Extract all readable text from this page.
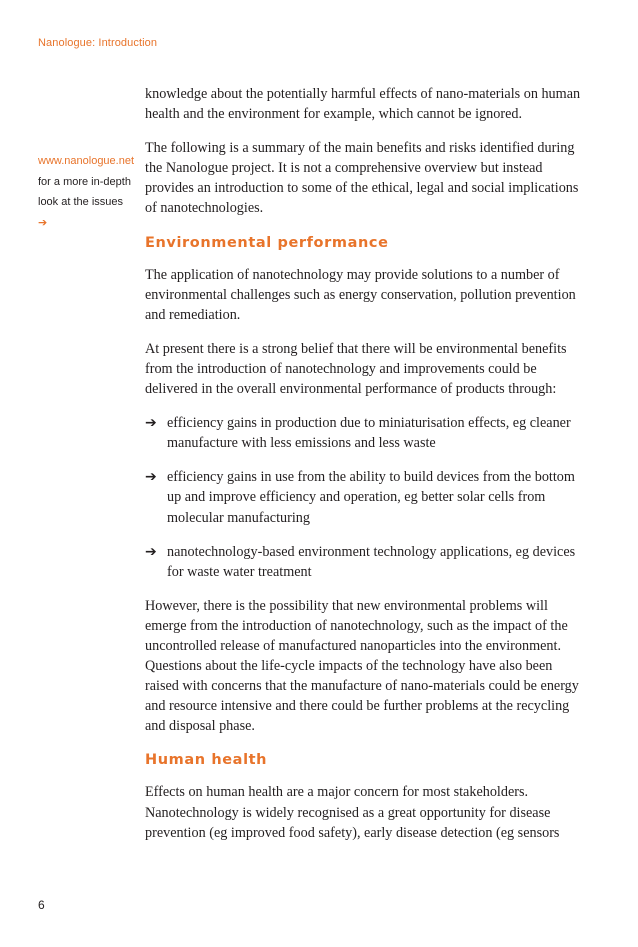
Nanologue: Introduction
www.nanologue.net for a more in-depth look at the issues ➔

knowledge about the potentially harmful effects of nano-materials on human health and the environment for example, which cannot be ignored.

The following is a summary of the main benefits and risks identified during the Nanologue project. It is not a comprehensive overview but instead provides an introduction to some of the ethical, legal and social implications of nanotechnologies.

Environmental performance

The application of nanotechnology may provide solutions to a number of environmental challenges such as energy conservation, pollution prevention and remediation.

At present there is a strong belief that there will be environmental benefits from the introduction of nanotechnology and improvements could be delivered in the overall environmental performance of products through:

➔ efficiency gains in production due to miniaturisation effects, eg cleaner manufacture with less emissions and less waste
➔ efficiency gains in use from the ability to build devices from the bottom up and improve efficiency and operation, eg better solar cells from molecular manufacturing
➔ nanotechnology-based environment technology applications, eg devices for waste water treatment

However, there is the possibility that new environmental problems will emerge from the introduction of nanotechnology, such as the impact of the uncontrolled release of manufactured nanoparticles into the environment. Questions about the life-cycle impacts of the technology have also been raised with concerns that the manufacture of nano-materials could be energy and resource intensive and there could be further problems at the recycling and disposal phase.

Human health

Effects on human health are a major concern for most stakeholders. Nanotechnology is widely recognised as a great opportunity for disease prevention (eg improved food safety), early disease detection (eg sensors

6
